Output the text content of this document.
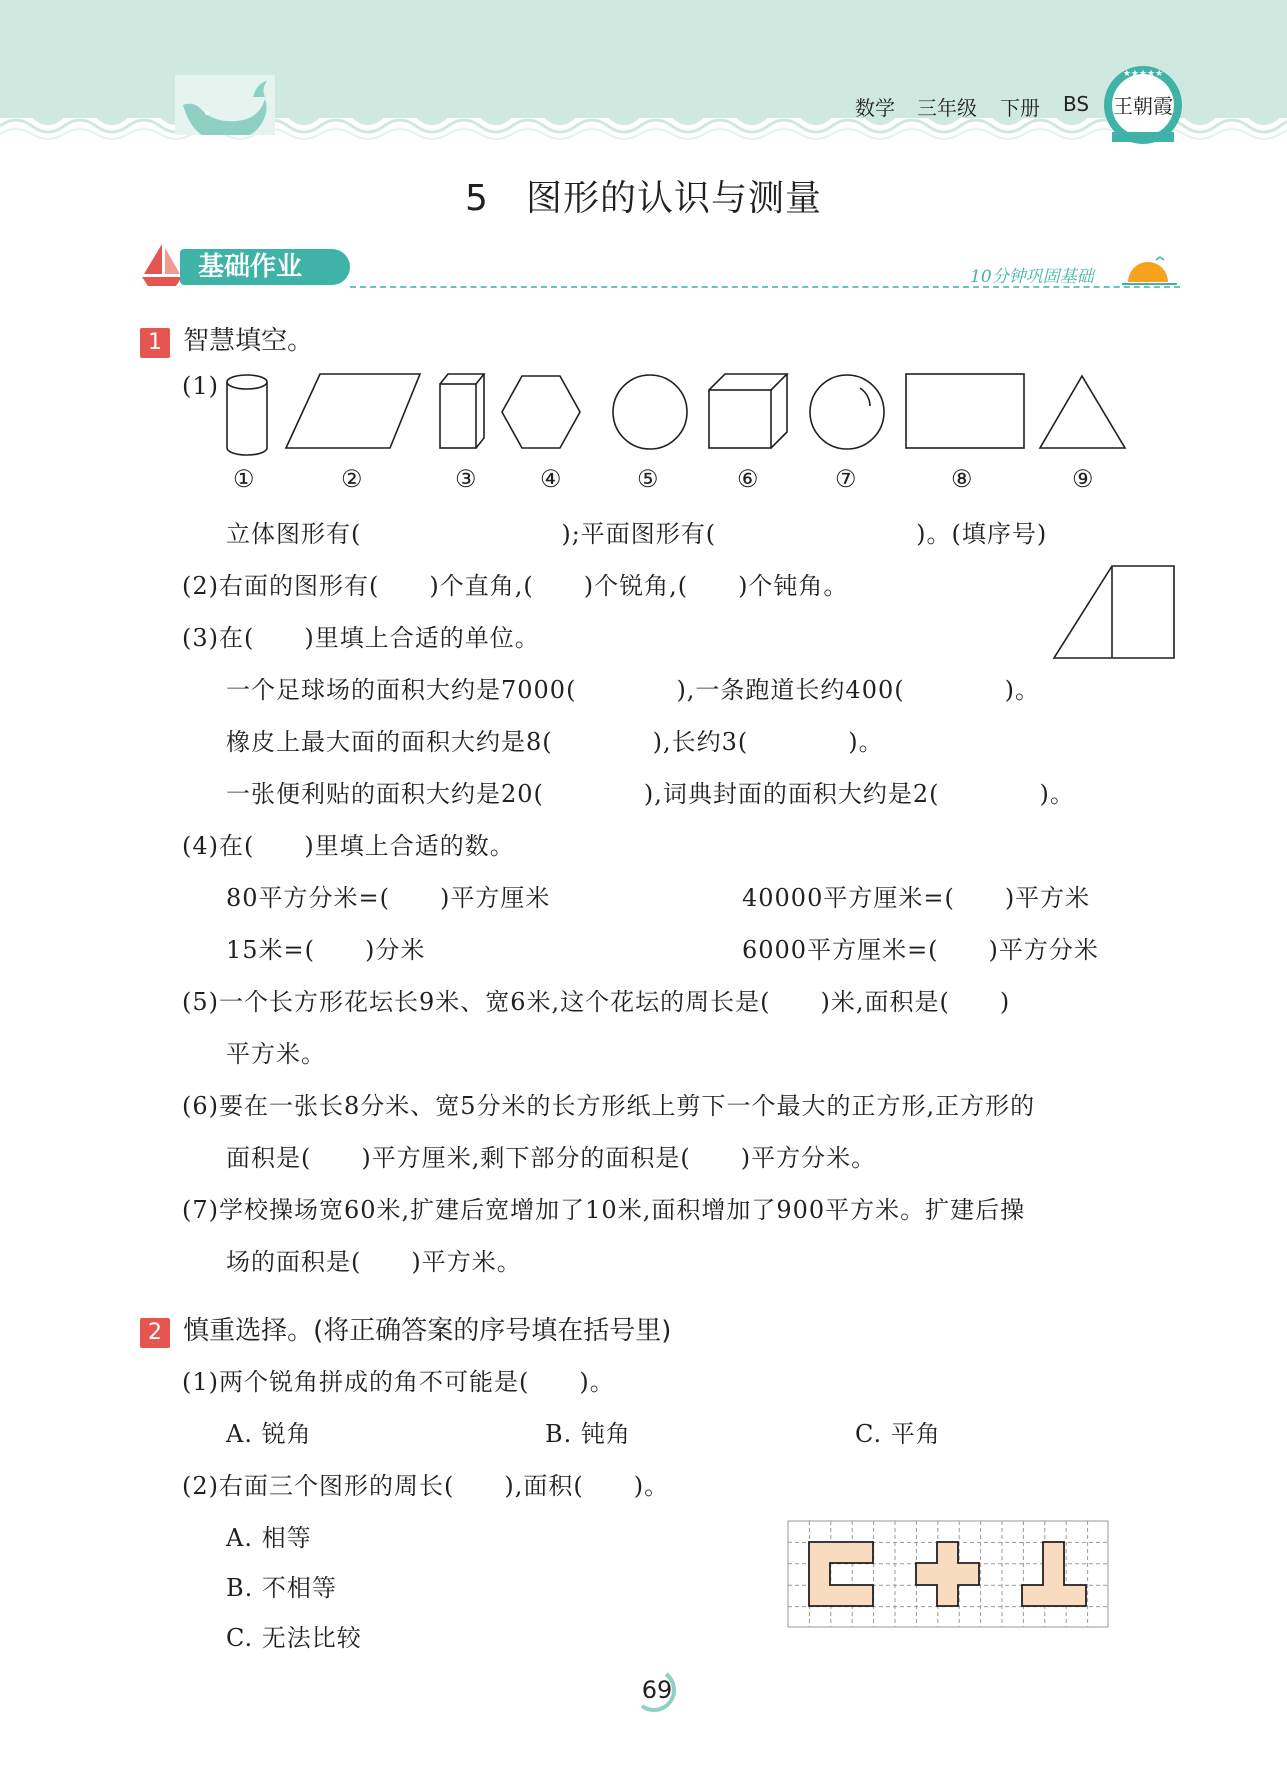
数学 三年级 下册 BS
★★★★★
王朝霞
5　图形的认识与测量
基础作业	10分钟巩固基础
1 智慧填空。
(1)
①	②	③	④	⑤	⑥	⑦	⑧	⑨
立体图形有(　　　　　　　　);平面图形有(　　　　　　　　)。(填序号)
(2)右面的图形有(　　)个直角,(　　)个锐角,(　　)个钝角。
(3)在(　　)里填上合适的单位。
一个足球场的面积大约是7000(　　　　),一条跑道长约400(　　　　)。
橡皮上最大面的面积大约是8(　　　　),长约3(　　　　)。
一张便利贴的面积大约是20(　　　　),词典封面的面积大约是2(　　　　)。
(4)在(　　)里填上合适的数。
80平方分米=(　　)平方厘米	40000平方厘米=(　　)平方米
15米=(　　)分米	6000平方厘米=(　　)平方分米
(5)一个长方形花坛长9米、宽6米,这个花坛的周长是(　　)米,面积是(　　)
平方米。
(6)要在一张长8分米、宽5分米的长方形纸上剪下一个最大的正方形,正方形的
面积是(　　)平方厘米,剩下部分的面积是(　　)平方分米。
(7)学校操场宽60米,扩建后宽增加了10米,面积增加了900平方米。扩建后操
场的面积是(　　)平方米。
2 慎重选择。(将正确答案的序号填在括号里)
(1)两个锐角拼成的角不可能是(　　)。
A. 锐角	B. 钝角	C. 平角
(2)右面三个图形的周长(　　),面积(　　)。
A. 相等
B. 不相等
C. 无法比较
69
